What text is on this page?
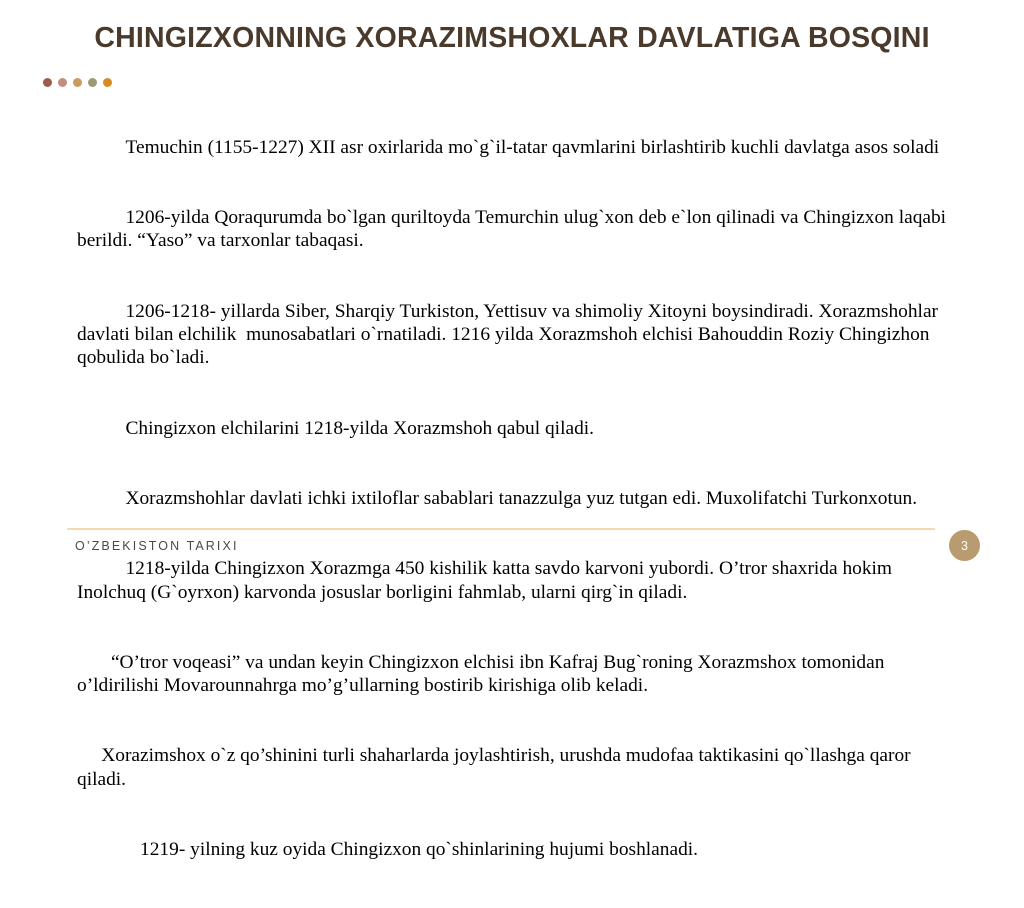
CHINGIZXONNING XORAZIMSHOXLAR DAVLATIGA BOSQINI

Temuchin (1155-1227) XII asr oxirlarida mo`g`il-tatar qavmlarini birlashtirib kuchli davlatga asos soladi

1206-yilda Qoraqurumda bo`lgan quriltoyda Temurchin ulug`xon deb e`lon qilinadi va Chingizxon laqabi berildi. “Yaso” va tarxonlar tabaqasi.

1206-1218- yillarda Siber, Sharqiy Turkiston, Yettisuv va shimoliy Xitoyni boysindiradi. Xorazmshohlar davlati bilan elchilik  munosabatlari o`rnatiladi. 1216 yilda Xorazmshoh elchisi Bahouddin Roziy Chingizhon qobulida bo`ladi.

Chingizxon elchilarini 1218-yilda Xorazmshoh qabul qiladi.

Xorazmshohlar davlati ichki ixtiloflar sabablari tanazzulga yuz tutgan edi. Muxolifatchi Turkonxotun.

1218-yilda Chingizxon Xorazmga 450 kishilik katta savdo karvoni yubordi. O’tror shaxrida hokim Inolchuq (G`oyrxon) karvonda josuslar borligini fahmlab, ularni qirg`in qiladi.

“O’tror voqeasi” va undan keyin Chingizxon elchisi ibn Kafraj Bug`roning Xorazmshox tomonidan o’ldirilishi Movarounnahrga mo’g’ullarning bostirib kirishiga olib keladi.

Xorazimshox o`z qo’shinini turli shaharlarda joylashtirish, urushda mudofaa taktikasini qo`llashga qaror qiladi.

1219- yilning kuz oyida Chingizxon qo`shinlarining hujumi boshlanadi.

O’ZBEKISTON TARIXI	3
